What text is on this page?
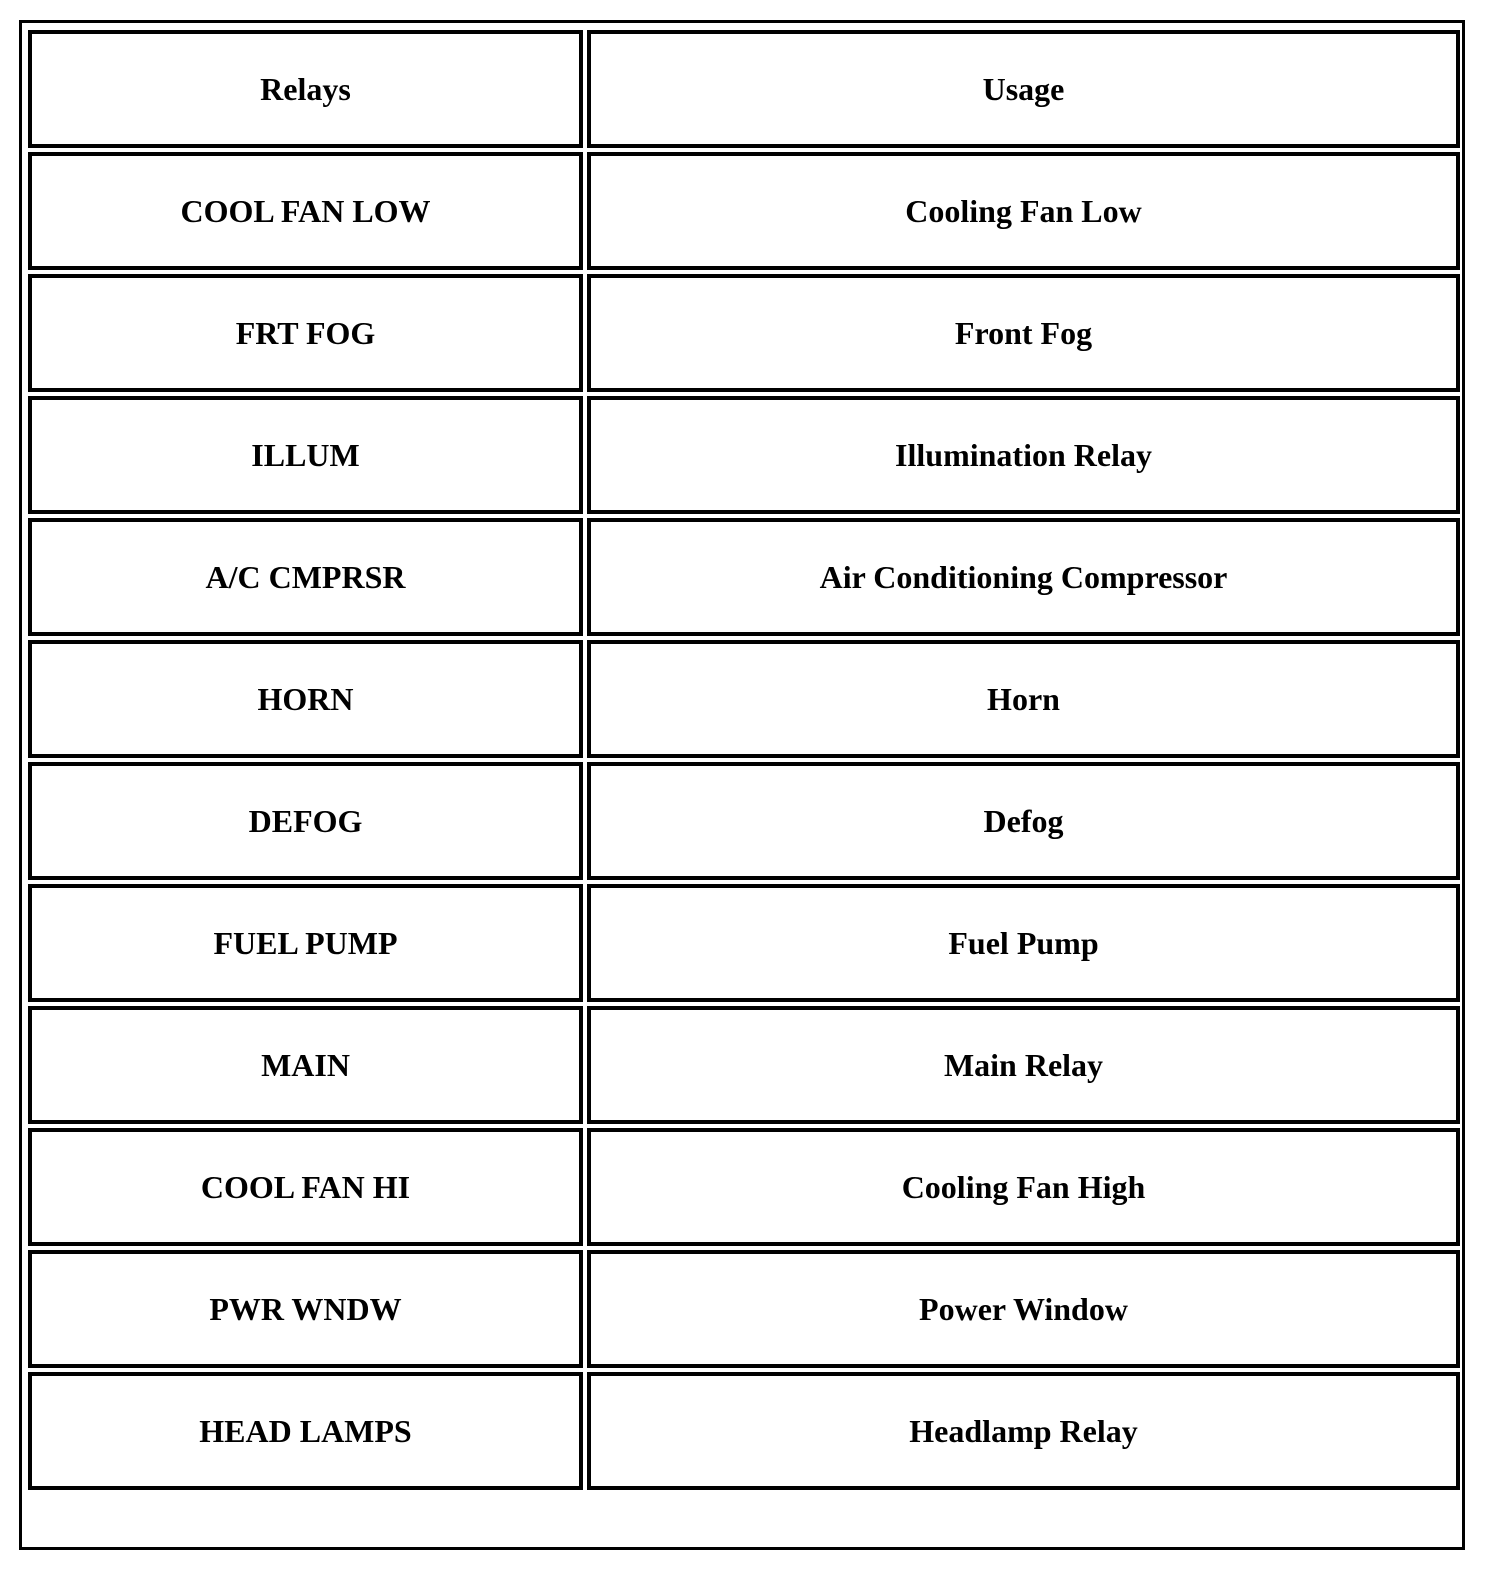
Relays	Usage
COOL FAN LOW	Cooling Fan Low
FRT FOG	Front Fog
ILLUM	Illumination Relay
A/C CMPRSR	Air Conditioning Compressor
HORN	Horn
DEFOG	Defog
FUEL PUMP	Fuel Pump
MAIN	Main Relay
COOL FAN HI	Cooling Fan High
PWR WNDW	Power Window
HEAD LAMPS	Headlamp Relay
